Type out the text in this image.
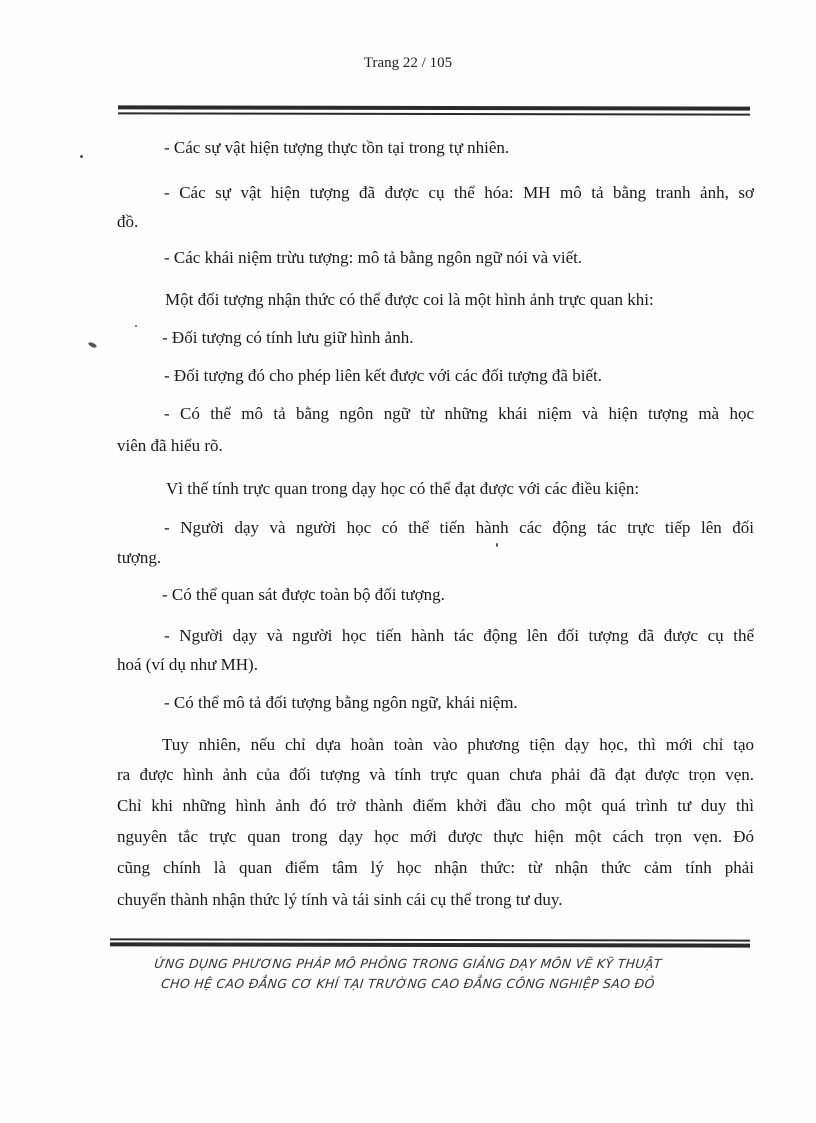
Trang 22 / 105
- Các sự vật hiện tượng thực tồn tại trong tự nhiên.
- Các sự vật hiện tượng đã được cụ thể hóa: MH mô tả bằng tranh ảnh, sơ
đồ.
- Các khái niệm trừu tượng: mô tả bằng ngôn ngữ nói và viết.
Một đối tượng nhận thức có thể được coi là một hình ảnh trực quan khi:
- Đối tượng có tính lưu giữ hình ảnh.
- Đối tượng đó cho phép liên kết được với các đối tượng đã biết.
- Có thể mô tả bằng ngôn ngữ từ những khái niệm và hiện tượng mà học
viên đã hiểu rõ.
Vì thế tính trực quan trong dạy học có thể đạt được với các điều kiện:
- Người dạy và người học có thể tiến hành các động tác trực tiếp lên đối
tượng.
- Có thể quan sát được toàn bộ đối tượng.
- Người dạy và người học tiến hành tác động lên đối tượng đã được cụ thể
hoá (ví dụ như MH).
- Có thể mô tả đối tượng bằng ngôn ngữ, khái niệm.
Tuy nhiên, nếu chỉ dựa hoàn toàn vào phương tiện dạy học, thì mới chỉ tạo
ra được hình ảnh của đối tượng và tính trực quan chưa phải đã đạt được trọn vẹn.
Chỉ khi những hình ảnh đó trở thành điểm khởi đầu cho một quá trình tư duy thì
nguyên tắc trực quan trong dạy học mới được thực hiện một cách trọn vẹn. Đó
cũng chính là quan điểm tâm lý học nhận thức: từ nhận thức cảm tính phải
chuyển thành nhận thức lý tính và tái sinh cái cụ thể trong tư duy.
ỨNG DỤNG PHƯƠNG PHÁP MÔ PHỎNG TRONG GIẢNG DẠY MÔN VẼ KỸ THUẬT
CHO HỆ CAO ĐẲNG CƠ KHÍ TẠI TRƯỜNG CAO ĐẲNG CÔNG NGHIỆP SAO ĐỎ
